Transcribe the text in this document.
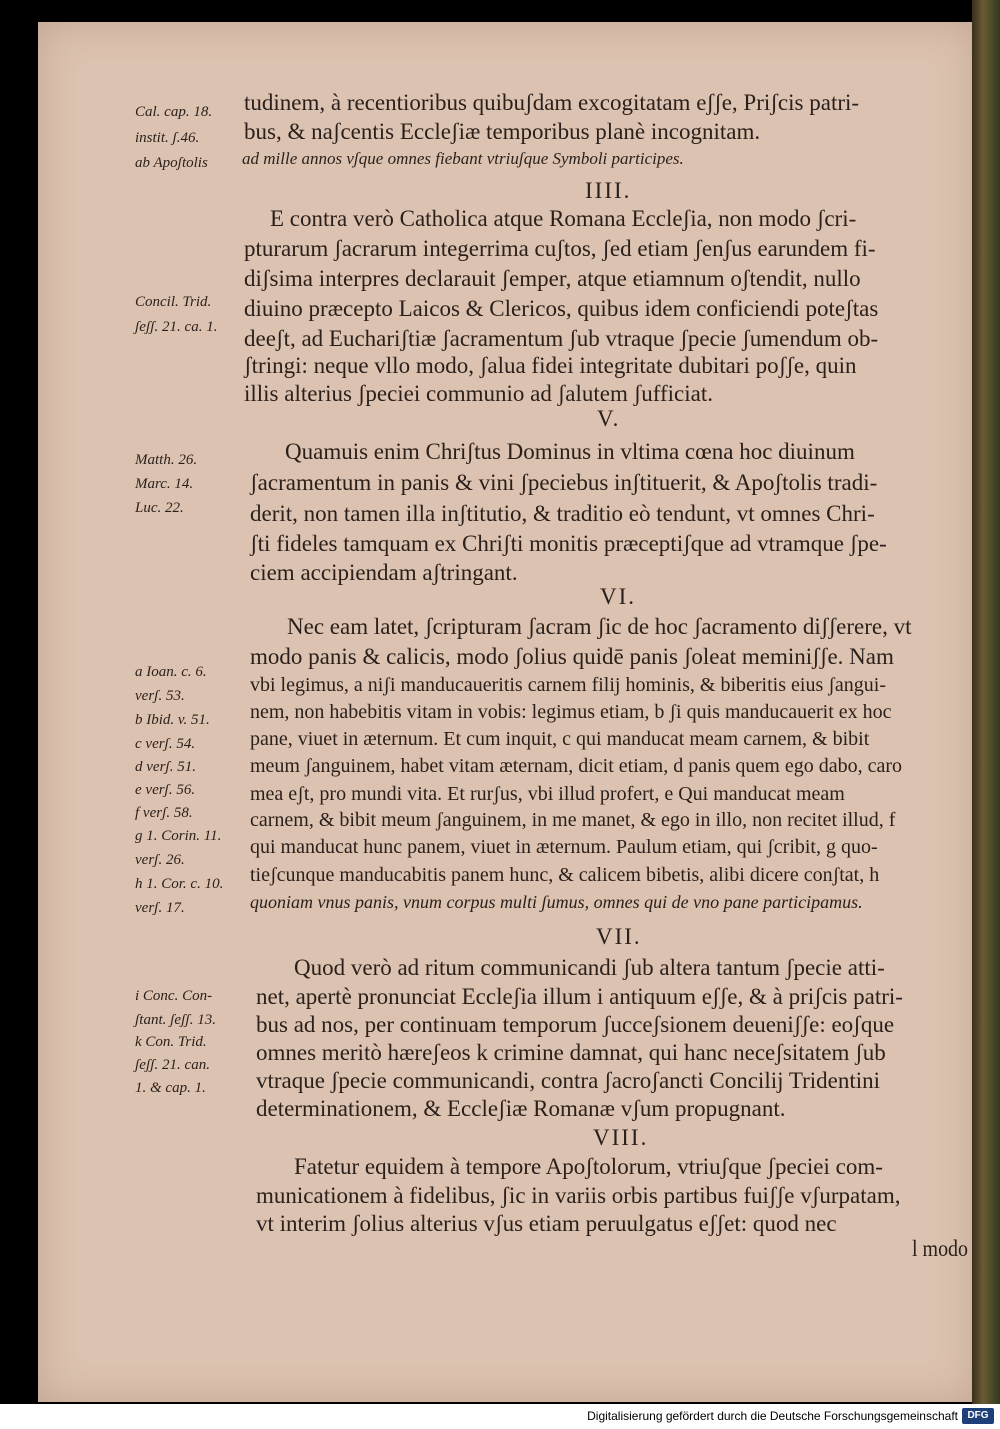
Cal. cap. 18.
instit. ʃ.46.
ab Apoʃtolis
Concil. Trid.
ʃeʃʃ. 21. ca. 1.
Matth. 26.
Marc. 14.
Luc. 22.
a Ioan. c. 6.
verʃ. 53.
b Ibid. v. 51.
c verʃ. 54.
d verʃ. 51.
e verʃ. 56.
f verʃ. 58.
g 1. Corin. 11.
verʃ. 26.
h 1. Cor. c. 10.
verʃ. 17.
i Conc. Con-
ʃtant. ʃeʃʃ. 13.
k Con. Trid.
ʃeʃʃ. 21. can.
1. & cap. 1.
IIII.
V.
VI.
VII.
VIII.
tudinem, à recentioribus quibuʃdam excogitatam eʃʃe, Priʃcis patri-
bus, & naʃcentis Eccleʃiæ temporibus planè incognitam.
ad mille annos vʃque omnes fiebant vtriuʃque Symboli participes.
E contra verò Catholica atque Romana Eccleʃia, non modo ʃcri-
pturarum ʃacrarum integerrima cuʃtos, ʃed etiam ʃenʃus earundem fi-
diʃsima interpres declarauit ʃemper, atque etiamnum oʃtendit, nullo
diuino præcepto Laicos & Clericos, quibus idem conficiendi poteʃtas
deeʃt, ad Euchariʃtiæ ʃacramentum ʃub vtraque ʃpecie ʃumendum ob-
ʃtringi: neque vllo modo, ʃalua fidei integritate dubitari poʃʃe, quin
illis alterius ʃpeciei communio ad ʃalutem ʃufficiat.
Quamuis enim Chriʃtus Dominus in vltima cœna hoc diuinum
ʃacramentum in panis & vini ʃpeciebus inʃtituerit, & Apoʃtolis tradi-
derit, non tamen illa inʃtitutio, & traditio eò tendunt, vt omnes Chri-
ʃti fideles tamquam ex Chriʃti monitis præceptiʃque ad vtramque ʃpe-
ciem accipiendam aʃtringant.
Nec eam latet, ʃcripturam ʃacram ʃic de hoc ʃacramento diʃʃerere, vt
modo panis & calicis, modo ʃolius quidē panis ʃoleat meminiʃʃe. Nam
vbi legimus, a niʃi manducaueritis carnem filij hominis, & biberitis eius ʃangui-
nem, non habebitis vitam in vobis: legimus etiam, b ʃi quis manducauerit ex hoc
pane, viuet in æternum. Et cum inquit, c qui manducat meam carnem, & bibit
meum ʃanguinem, habet vitam æternam, dicit etiam, d panis quem ego dabo, caro
mea eʃt, pro mundi vita. Et rurʃus, vbi illud profert, e Qui manducat meam
carnem, & bibit meum ʃanguinem, in me manet, & ego in illo, non recitet illud, f
qui manducat hunc panem, viuet in æternum. Paulum etiam, qui ʃcribit, g quo-
tieʃcunque manducabitis panem hunc, & calicem bibetis, alibi dicere conʃtat, h
quoniam vnus panis, vnum corpus multi ʃumus, omnes qui de vno pane participamus.
Quod verò ad ritum communicandi ʃub altera tantum ʃpecie atti-
net, apertè pronunciat Eccleʃia illum i antiquum eʃʃe, & à priʃcis patri-
bus ad nos, per continuam temporum ʃucceʃsionem deueniʃʃe: eoʃque
omnes meritò hæreʃeos k crimine damnat, qui hanc neceʃsitatem ʃub
vtraque ʃpecie communicandi, contra ʃacroʃancti Concilij Tridentini
determinationem, & Eccleʃiæ Romanæ vʃum propugnant.
Fatetur equidem à tempore Apoʃtolorum, vtriuʃque ʃpeciei com-
municationem à fidelibus, ʃic in variis orbis partibus fuiʃʃe vʃurpatam,
vt interim ʃolius alterius vʃus etiam peruulgatus eʃʃet: quod nec
l modo
Digitalisierung gefördert durch die Deutsche Forschungsgemeinschaft DFG
